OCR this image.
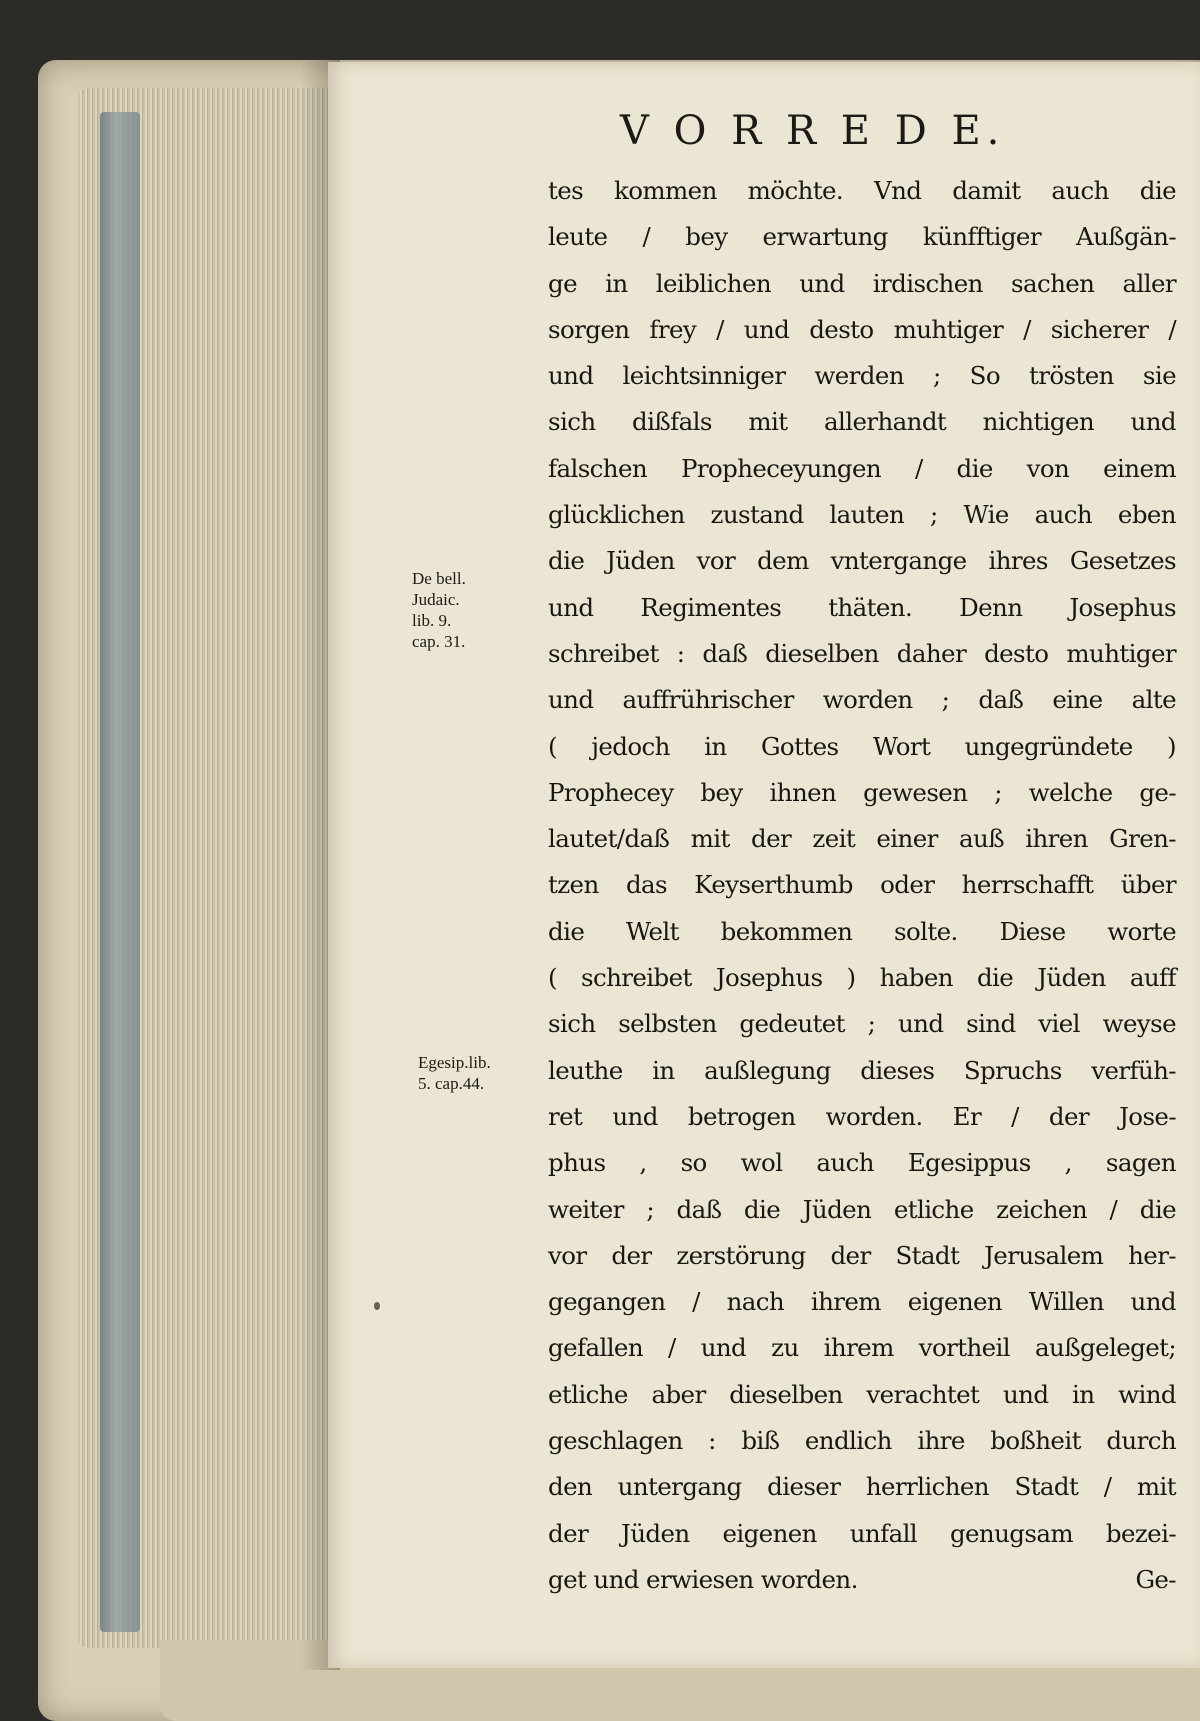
V O R R E D E.
De bell.
Judaic.
lib. 9.
cap. 31.
Egesip.lib.
5. cap.44.
tes kommen möchte. Vnd damit auch die
leute / bey erwartung künfftiger Außgän-
ge in leiblichen und irdischen sachen aller
sorgen frey / und desto muhtiger / sicherer /
und leichtsinniger werden ; So trösten sie
sich dißfals mit allerhandt nichtigen und
falschen Propheceyungen / die von einem
glücklichen zustand lauten ; Wie auch eben
die Jüden vor dem vntergange ihres Gesetzes
und Regimentes thäten. Denn Josephus
schreibet : daß dieselben daher desto muhtiger
und auffrührischer worden ; daß eine alte
( jedoch in Gottes Wort ungegründete )
Prophecey bey ihnen gewesen ; welche ge-
lautet/daß mit der zeit einer auß ihren Gren-
tzen das Keyserthumb oder herrschafft über
die Welt bekommen solte. Diese worte
( schreibet Josephus ) haben die Jüden auff
sich selbsten gedeutet ; und sind viel weyse
leuthe in außlegung dieses Spruchs verfüh-
ret und betrogen worden. Er / der Jose-
phus , so wol auch Egesippus , sagen
weiter ; daß die Jüden etliche zeichen / die
vor der zerstörung der Stadt Jerusalem her-
gegangen / nach ihrem eigenen Willen und
gefallen / und zu ihrem vortheil außgeleget;
etliche aber dieselben verachtet und in wind
geschlagen : biß endlich ihre boßheit durch
den untergang dieser herrlichen Stadt / mit
der Jüden eigenen unfall genugsam bezei-
get und erwiesen worden.	Ge-
